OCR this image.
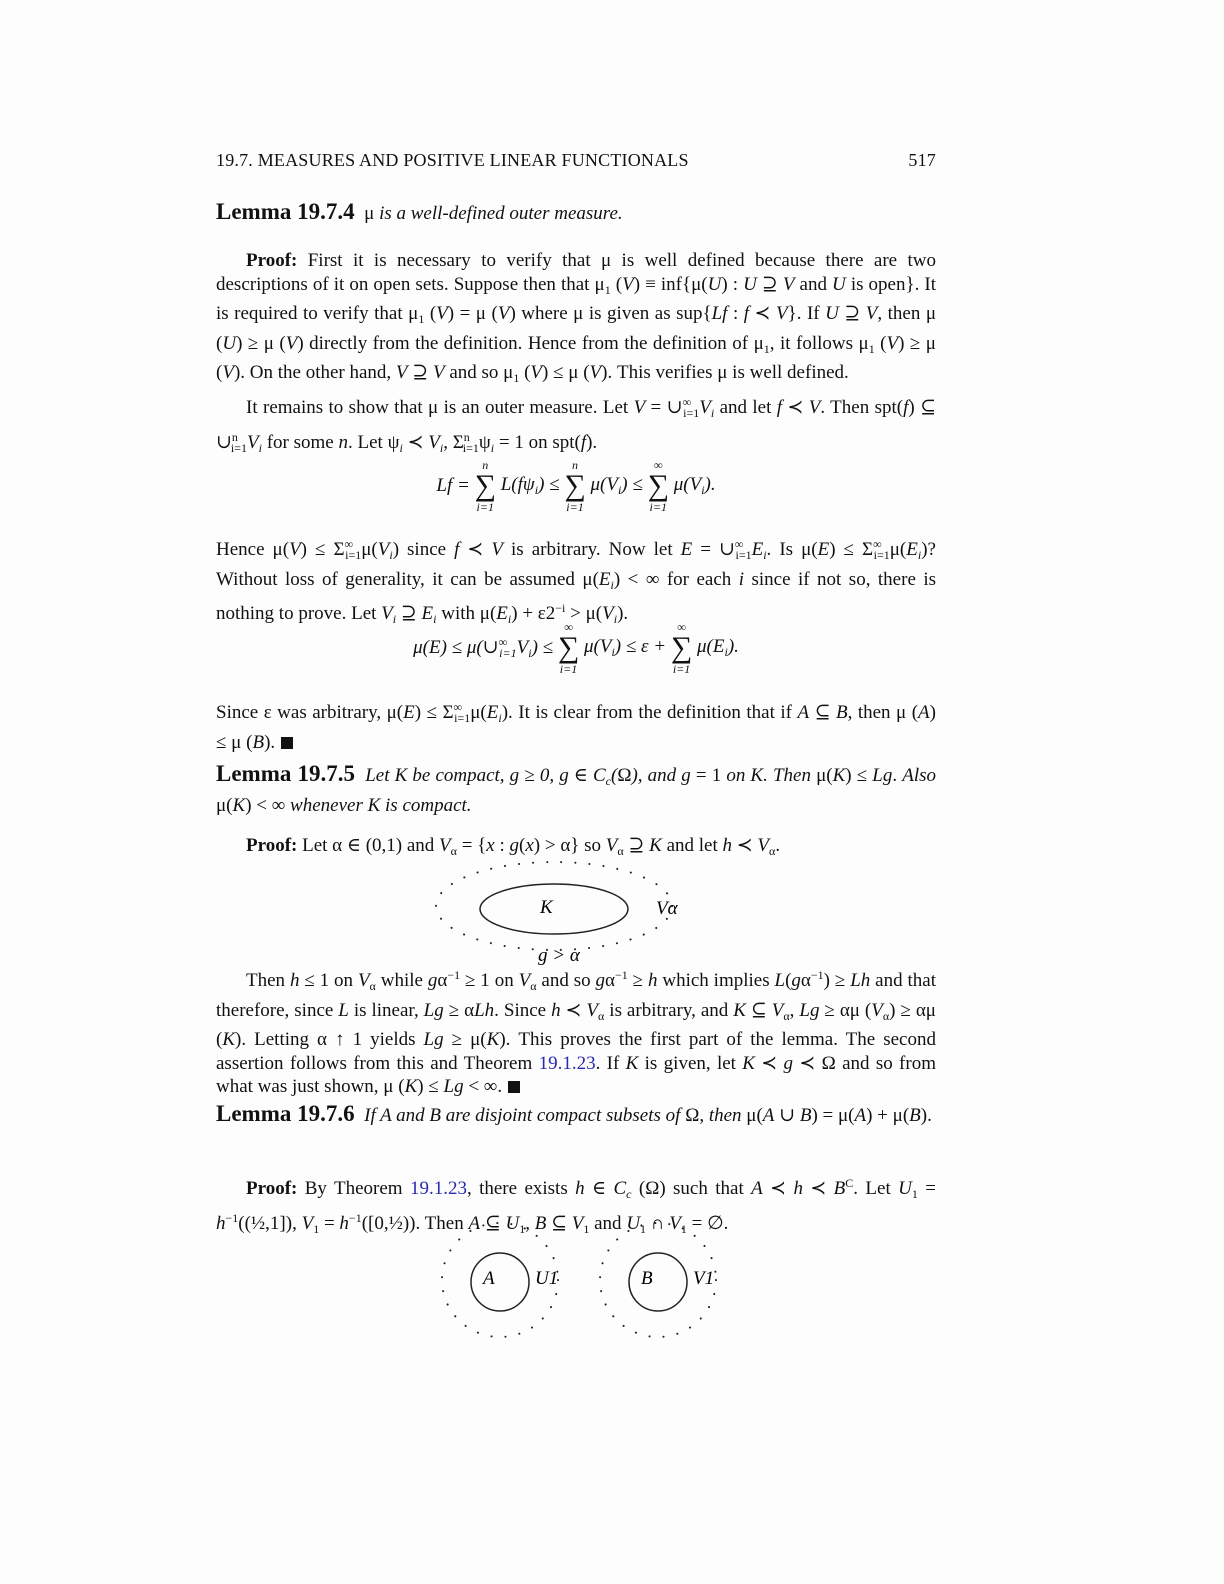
19.7. MEASURES AND POSITIVE LINEAR FUNCTIONALS	517
Lemma 19.7.4  μ is a well-defined outer measure.
Proof: First it is necessary to verify that μ is well defined because there are two descriptions of it on open sets. Suppose then that $\mu_1$ (V) ≡ inf{μ(U) : U ⊇ V and U is open}. It is required to verify that $\mu_1$ (V) = μ (V) where μ is given as sup{Lf : f ≺ V}. If U ⊇ V, then μ (U) ≥ μ (V) directly from the definition. Hence from the definition of $\mu_1$, it follows $\mu_1$ (V) ≥ μ (V). On the other hand, V ⊇ V and so $\mu_1$ (V) ≤ μ (V). This verifies μ is well defined.
It remains to show that μ is an outer measure. Let $V = \cup^\infty_{i=1}V_i$ and let f ≺ V. Then spt(f) ⊆ $\cup^n_{i=1}V_i$ for some n. Let $\psi_i$ ≺ $V_i$, $\Sigma^n_{i=1}\psi_i = 1$ on spt(f).
Lf =
n
∑
i=1
$L(f\psi_i)$ ≤
n
∑
i=1
$\mu(V_i)$ ≤
∞
∑
i=1
$\mu(V_i)$.
Hence $\mu(V) \le \Sigma^\infty_{i=1}\mu(V_i)$ since f ≺ V is arbitrary. Now let $E = \cup^\infty_{i=1}E_i$. Is $\mu(E) \le \Sigma^\infty_{i=1}\mu(E_i)$? Without loss of generality, it can be assumed $\mu(E_i)$ < ∞ for each i since if not so, there is nothing to prove. Let $V_i$ ⊇ $E_i$ with $\mu(E_i) + \varepsilon 2^{-i} > \mu(V_i)$.
$\mu(E) \le \mu(\cup^\infty_{i=1}V_i)$ ≤
∞
∑
i=1
$\mu(V_i) \le \varepsilon$ +
∞
∑
i=1
$\mu(E_i)$.
Since ε was arbitrary, $\mu(E) \le \Sigma^\infty_{i=1}\mu(E_i)$. It is clear from the definition that if A ⊆ B, then μ (A) ≤ μ (B).
Lemma 19.7.5 Let K be compact, g ≥ 0, g ∈ $C_c(\Omega)$, and g = 1 on K. Then μ(K) ≤ Lg. Also μ(K) < ∞ whenever K is compact.
Proof: Let α ∈ (0,1) and $V_\alpha = \{x$ : g(x) > α} so $V_\alpha$ ⊇ K and let h ≺ $V_\alpha$.
K	Vα
g > α
Then h ≤ 1 on $V_\alpha$ while $g\alpha^{-1} \ge 1$ on $V_\alpha$ and so $g\alpha^{-1} \ge h$ which implies $L(g\alpha^{-1}) \ge Lh$ and that therefore, since L is linear, Lg ≥ αLh. Since h ≺ $V_\alpha$ is arbitrary, and K ⊆ $V_\alpha$, Lg ≥ αμ $(V_\alpha) \ge \alpha\mu$ (K). Letting α ↑ 1 yields Lg ≥ μ(K). This proves the first part of the lemma. The second assertion follows from this and Theorem 19.1.23. If K is given, let K ≺ g ≺ Ω and so from what was just shown, μ (K) ≤ Lg < ∞.
Lemma 19.7.6 If A and B are disjoint compact subsets of Ω, then μ(A ∪ B) = μ(A) + μ(B).
Proof: By Theorem 19.1.23, there exists h ∈ $C_c$ (Ω) such that A ≺ h ≺ $B^C$. Let $U_1$ = $h^{-1}((\frac{1}{2},1])$, $V_1$ = $h^{-1}([0,\frac{1}{2}))$. Then A ⊆ $U_1$, B ⊆ $V_1$ and $U_1$ ∩ $V_1$ = ∅.
A U1	B V1
